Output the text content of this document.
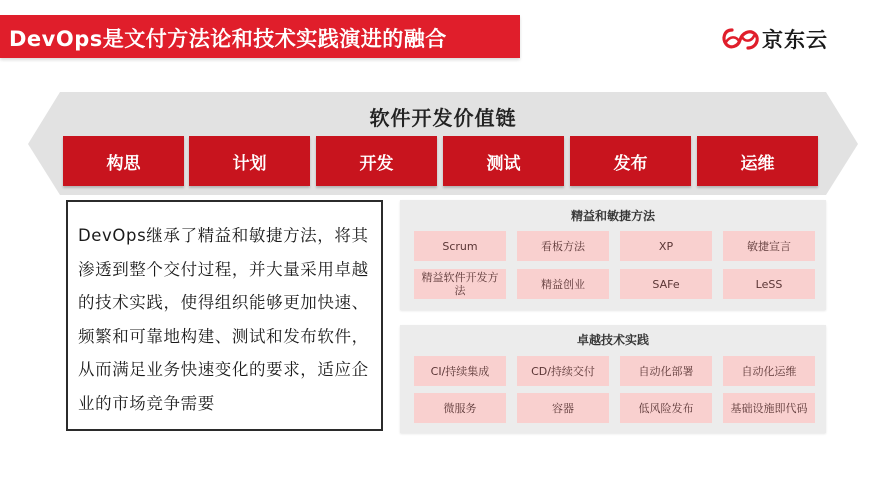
DevOps是文付方法论和技术实践演进的融合	京东云
软件开发价值链
构思	计划	开发	测试	发布	运维

DevOps继承了精益和敏捷方法，将其渗透到整个交付过程，并大量采用卓越的技术实践，使得组织能够更加快速、频繁和可靠地构建、测试和发布软件，从而满足业务快速变化的要求，适应企业的市场竞争需要

精益和敏捷方法
Scrum	看板方法	XP	敏捷宣言
精益软件开发方法	精益创业	SAFe	LeSS
卓越技术实践
CI/持续集成	CD/持续交付	自动化部署	自动化运维
微服务	容器	低风险发布	基础设施即代码
